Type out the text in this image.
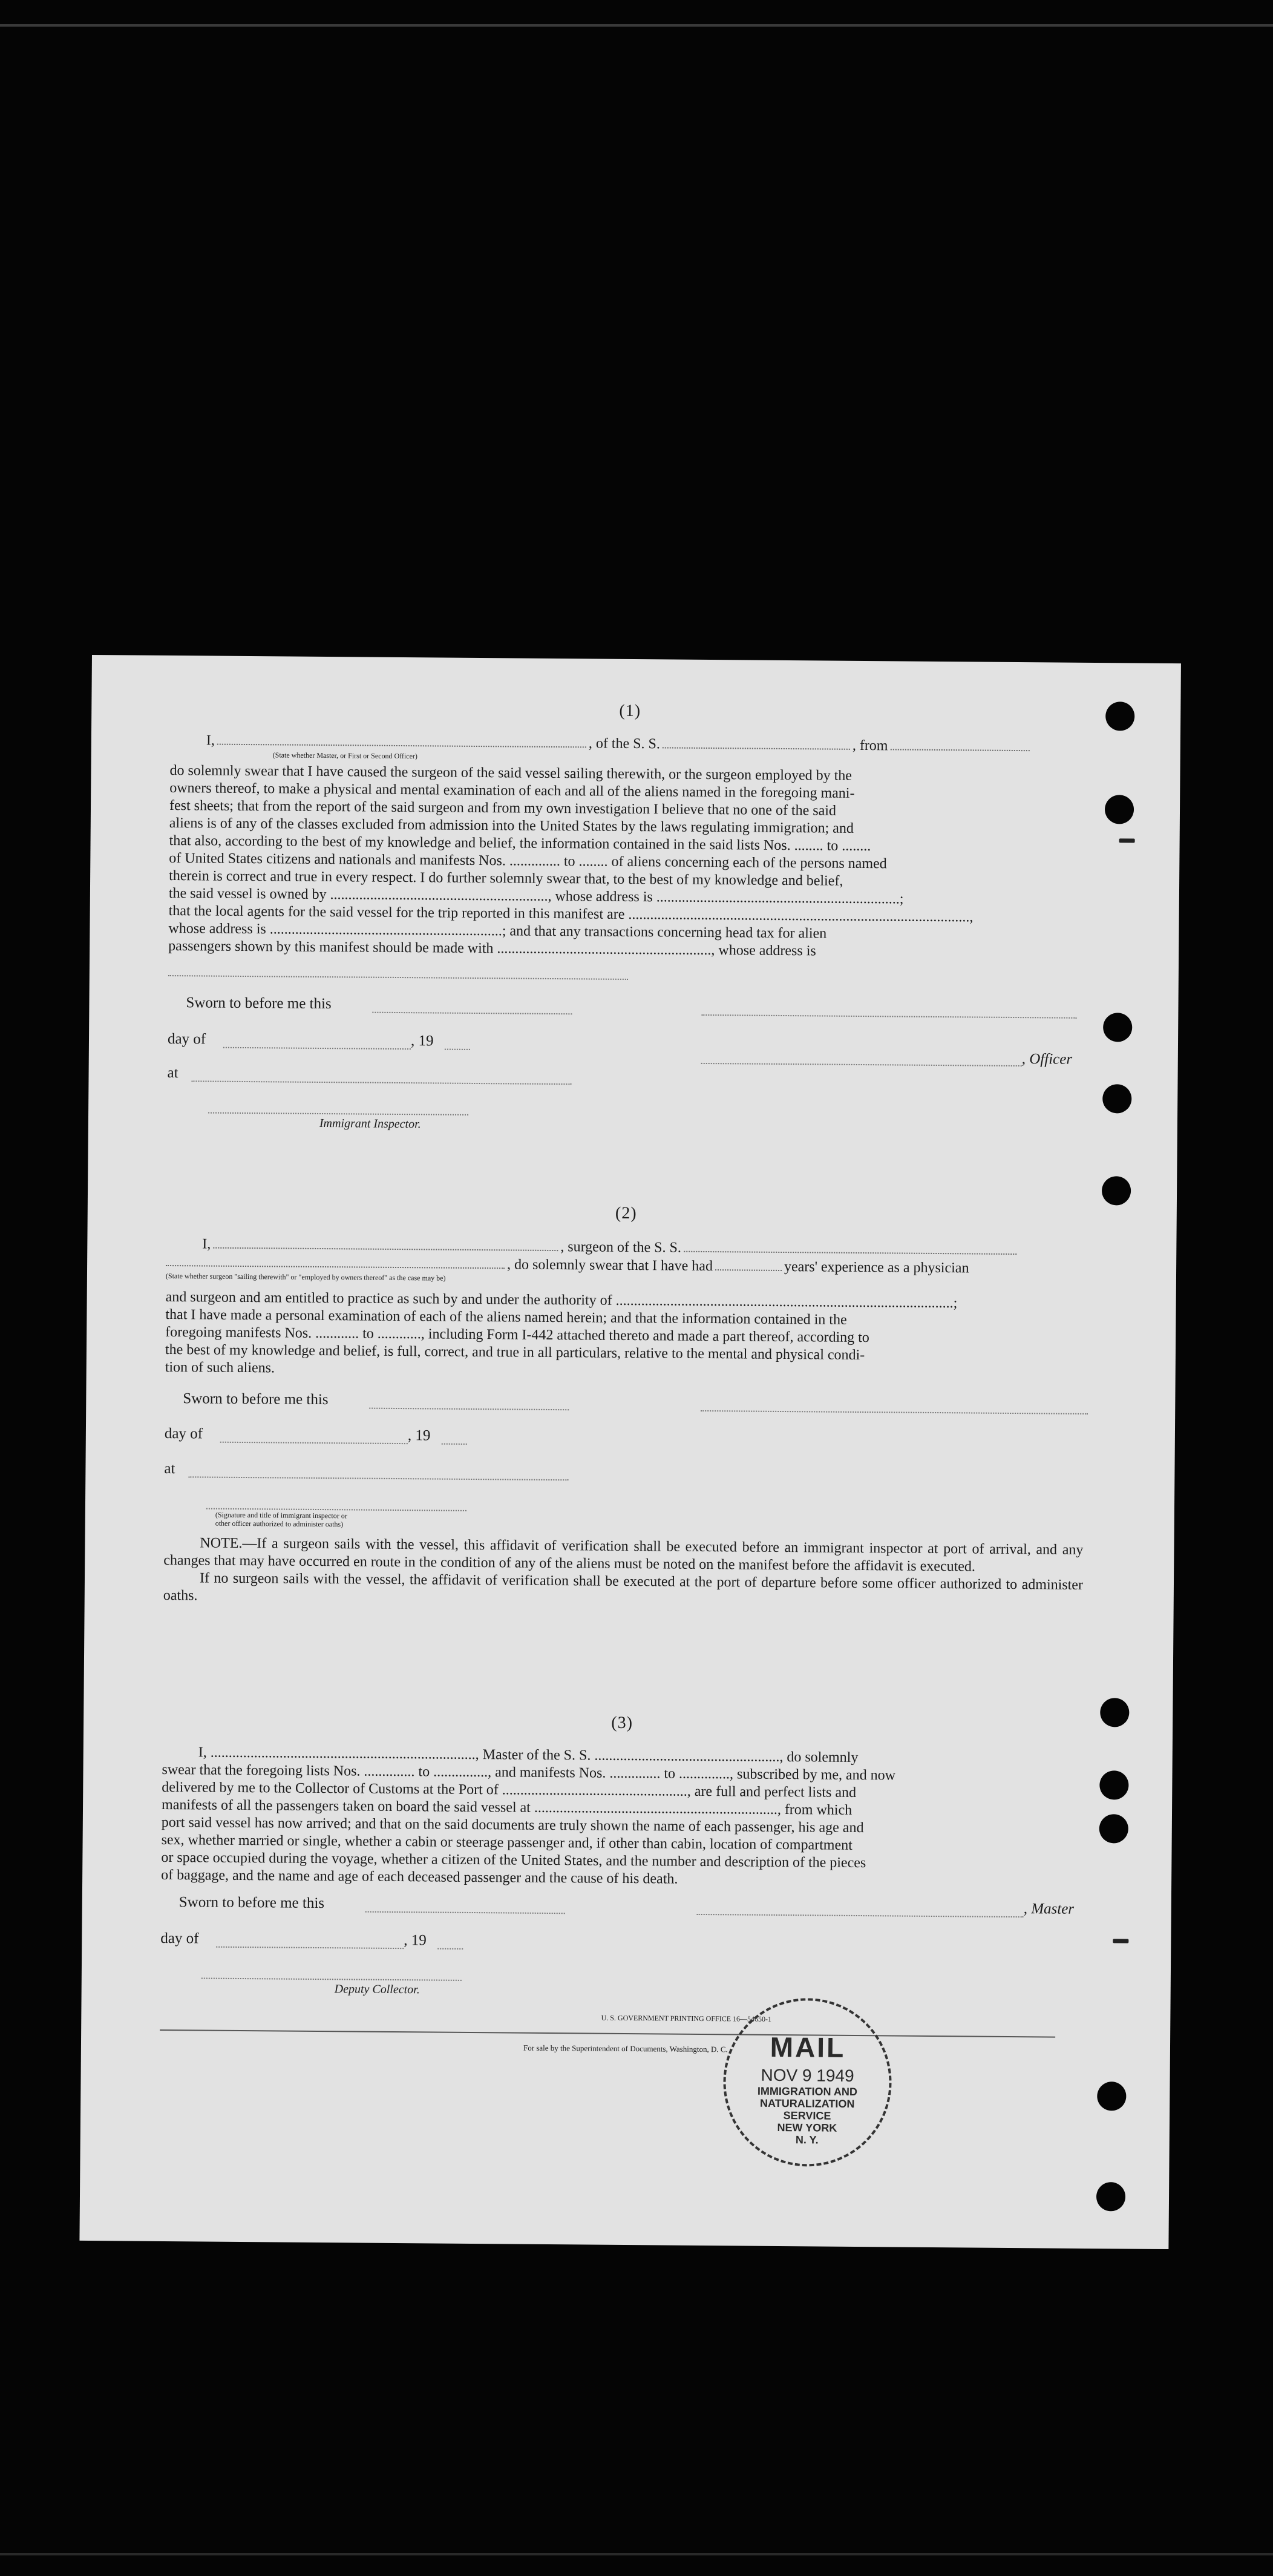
(1)
I,	, of the S. S.	, from
(State whether Master, or First or Second Officer)

do solemnly swear that I have caused the surgeon of the said vessel sailing therewith, or the surgeon employed by the

owners thereof, to make a physical and mental examination of each and all of the aliens named in the foregoing mani-

fest sheets; that from the report of the said surgeon and from my own investigation I believe that no one of the said

aliens is of any of the classes excluded from admission into the United States by the laws regulating immigration; and

that also, according to the best of my knowledge and belief, the information contained in the said lists Nos. ........ to ........

of United States citizens and nationals and manifests Nos. .............. to ........ of aliens concerning each of the persons named

therein is correct and true in every respect. I do further solemnly swear that, to the best of my knowledge and belief,

the said vessel is owned by ............................................................, whose address is ...................................................................;

that the local agents for the said vessel for the trip reported in this manifest are ..............................................................................................,

whose address is ................................................................; and that any transactions concerning head tax for alien

passengers shown by this manifest should be made with ..........................................................., whose address is

Sworn to before me this
day of	, 19
, Officer
at
Immigrant Inspector.
(2)
I,	, surgeon of the S. S.
, do solemnly swear that I have had	years' experience as a physician
(State whether surgeon "sailing therewith" or "employed by owners thereof" as the case may be)

and surgeon and am entitled to practice as such by and under the authority of .............................................................................................;

that I have made a personal examination of each of the aliens named herein; and that the information contained in the

foregoing manifests Nos. ............ to ............, including Form I-442 attached thereto and made a part thereof, according to

the best of my knowledge and belief, is full, correct, and true in all particulars, relative to the mental and physical condi-

tion of such aliens.

Sworn to before me this
day of	, 19
at
(Signature and title of immigrant inspector or
other officer authorized to administer oaths)

NOTE.—If a surgeon sails with the vessel, this affidavit of verification shall be executed before an immigrant inspector at port of arrival, and any changes that may have occurred en route in the condition of any of the aliens must be noted on the manifest before the affidavit is executed.

If no surgeon sails with the vessel, the affidavit of verification shall be executed at the port of departure before some officer authorized to administer oaths.

(3)

I, ........................................................................., Master of the S. S. ..................................................., do solemnly

swear that the foregoing lists Nos. .............. to ..............., and manifests Nos. .............. to .............., subscribed by me, and now

delivered by me to the Collector of Customs at the Port of ..................................................., are full and perfect lists and

manifests of all the passengers taken on board the said vessel at ..................................................................., from which

port said vessel has now arrived; and that on the said documents are truly shown the name of each passenger, his age and

sex, whether married or single, whether a cabin or steerage passenger and, if other than cabin, location of compartment

or space occupied during the voyage, whether a citizen of the United States, and the number and description of the pieces

of baggage, and the name and age of each deceased passenger and the cause of his death.

Sworn to before me this	, Master
day of	, 19
Deputy Collector.
U. S. GOVERNMENT PRINTING OFFICE 16—54650-1
For sale by the Superintendent of Documents, Washington, D. C.	MAIL
NOV 9 1949
IMMIGRATION AND
NATURALIZATION
SERVICE
NEW YORK
N. Y.
